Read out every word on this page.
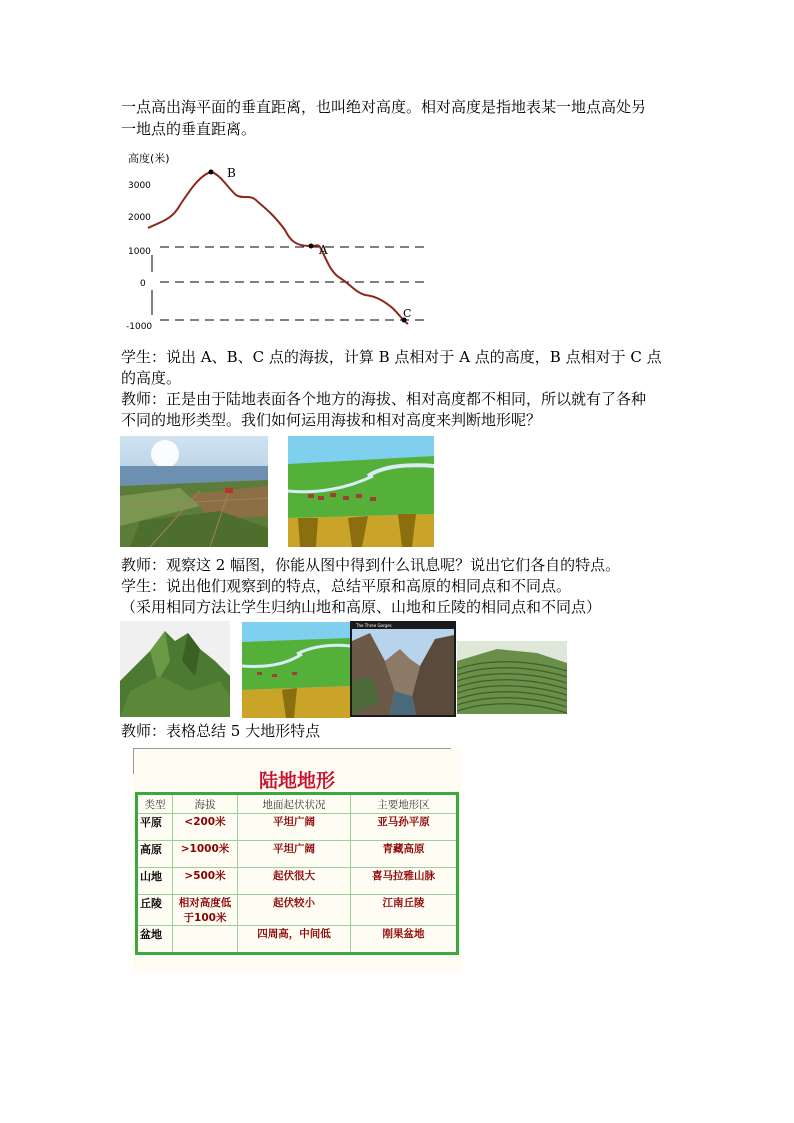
一点高出海平面的垂直距离，也叫绝对高度。相对高度是指地表某一地点高处另
一地点的垂直距离。
高度(米)
3000
2000
1000
0
-1000
B
A
C
学生：说出 A、B、C 点的海拔，计算 B 点相对于 A 点的高度，B 点相对于 C 点
的高度。
教师：正是由于陆地表面各个地方的海拔、相对高度都不相同，所以就有了各种
不同的地形类型。我们如何运用海拔和相对高度来判断地形呢？
教师：观察这 2 幅图，你能从图中得到什么讯息呢？说出它们各自的特点。
学生：说出他们观察到的特点，总结平原和高原的相同点和不同点。
（采用相同方法让学生归纳山地和高原、山地和丘陵的相同点和不同点）
The Three Gorges
教师：表格总结 5 大地形特点
陆地地形
类型	海拔	地面起伏状况	主要地形区
平原	<200米	平坦广阔	亚马孙平原
高原	>1000米	平坦广阔	青藏高原
山地	>500米	起伏很大	喜马拉雅山脉
丘陵	相对高度低于100米	起伏较小	江南丘陵
盆地		四周高，中间低	刚果盆地
